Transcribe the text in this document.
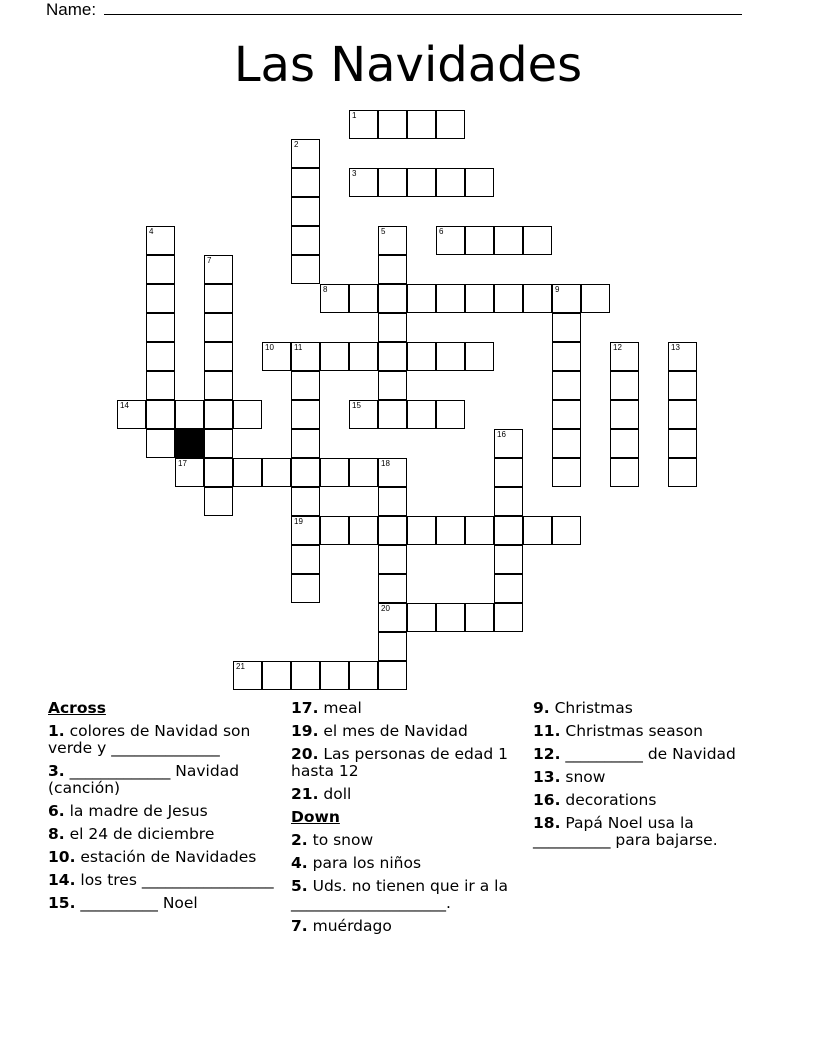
Name:
Las Navidades
1
2
3
4	5	6
7
8	9
10	11
19
12	13
14	15
16
17	18
20
21
Across
1. colores de Navidad son verde y ______________
3. _____________ Navidad (canción)
6. la madre de Jesus
8. el 24 de diciembre
10. estación de Navidades
14. los tres _________________
15. __________ Noel
17. meal
19. el mes de Navidad
20. Las personas de edad 1 hasta 12
21. doll
Down
2. to snow
4. para los niños
5. Uds. no tienen que ir a la ____________________.
7. muérdago
9. Christmas
11. Christmas season
12. __________ de Navidad
13. snow
16. decorations
18. Papá Noel usa la __________ para bajarse.
